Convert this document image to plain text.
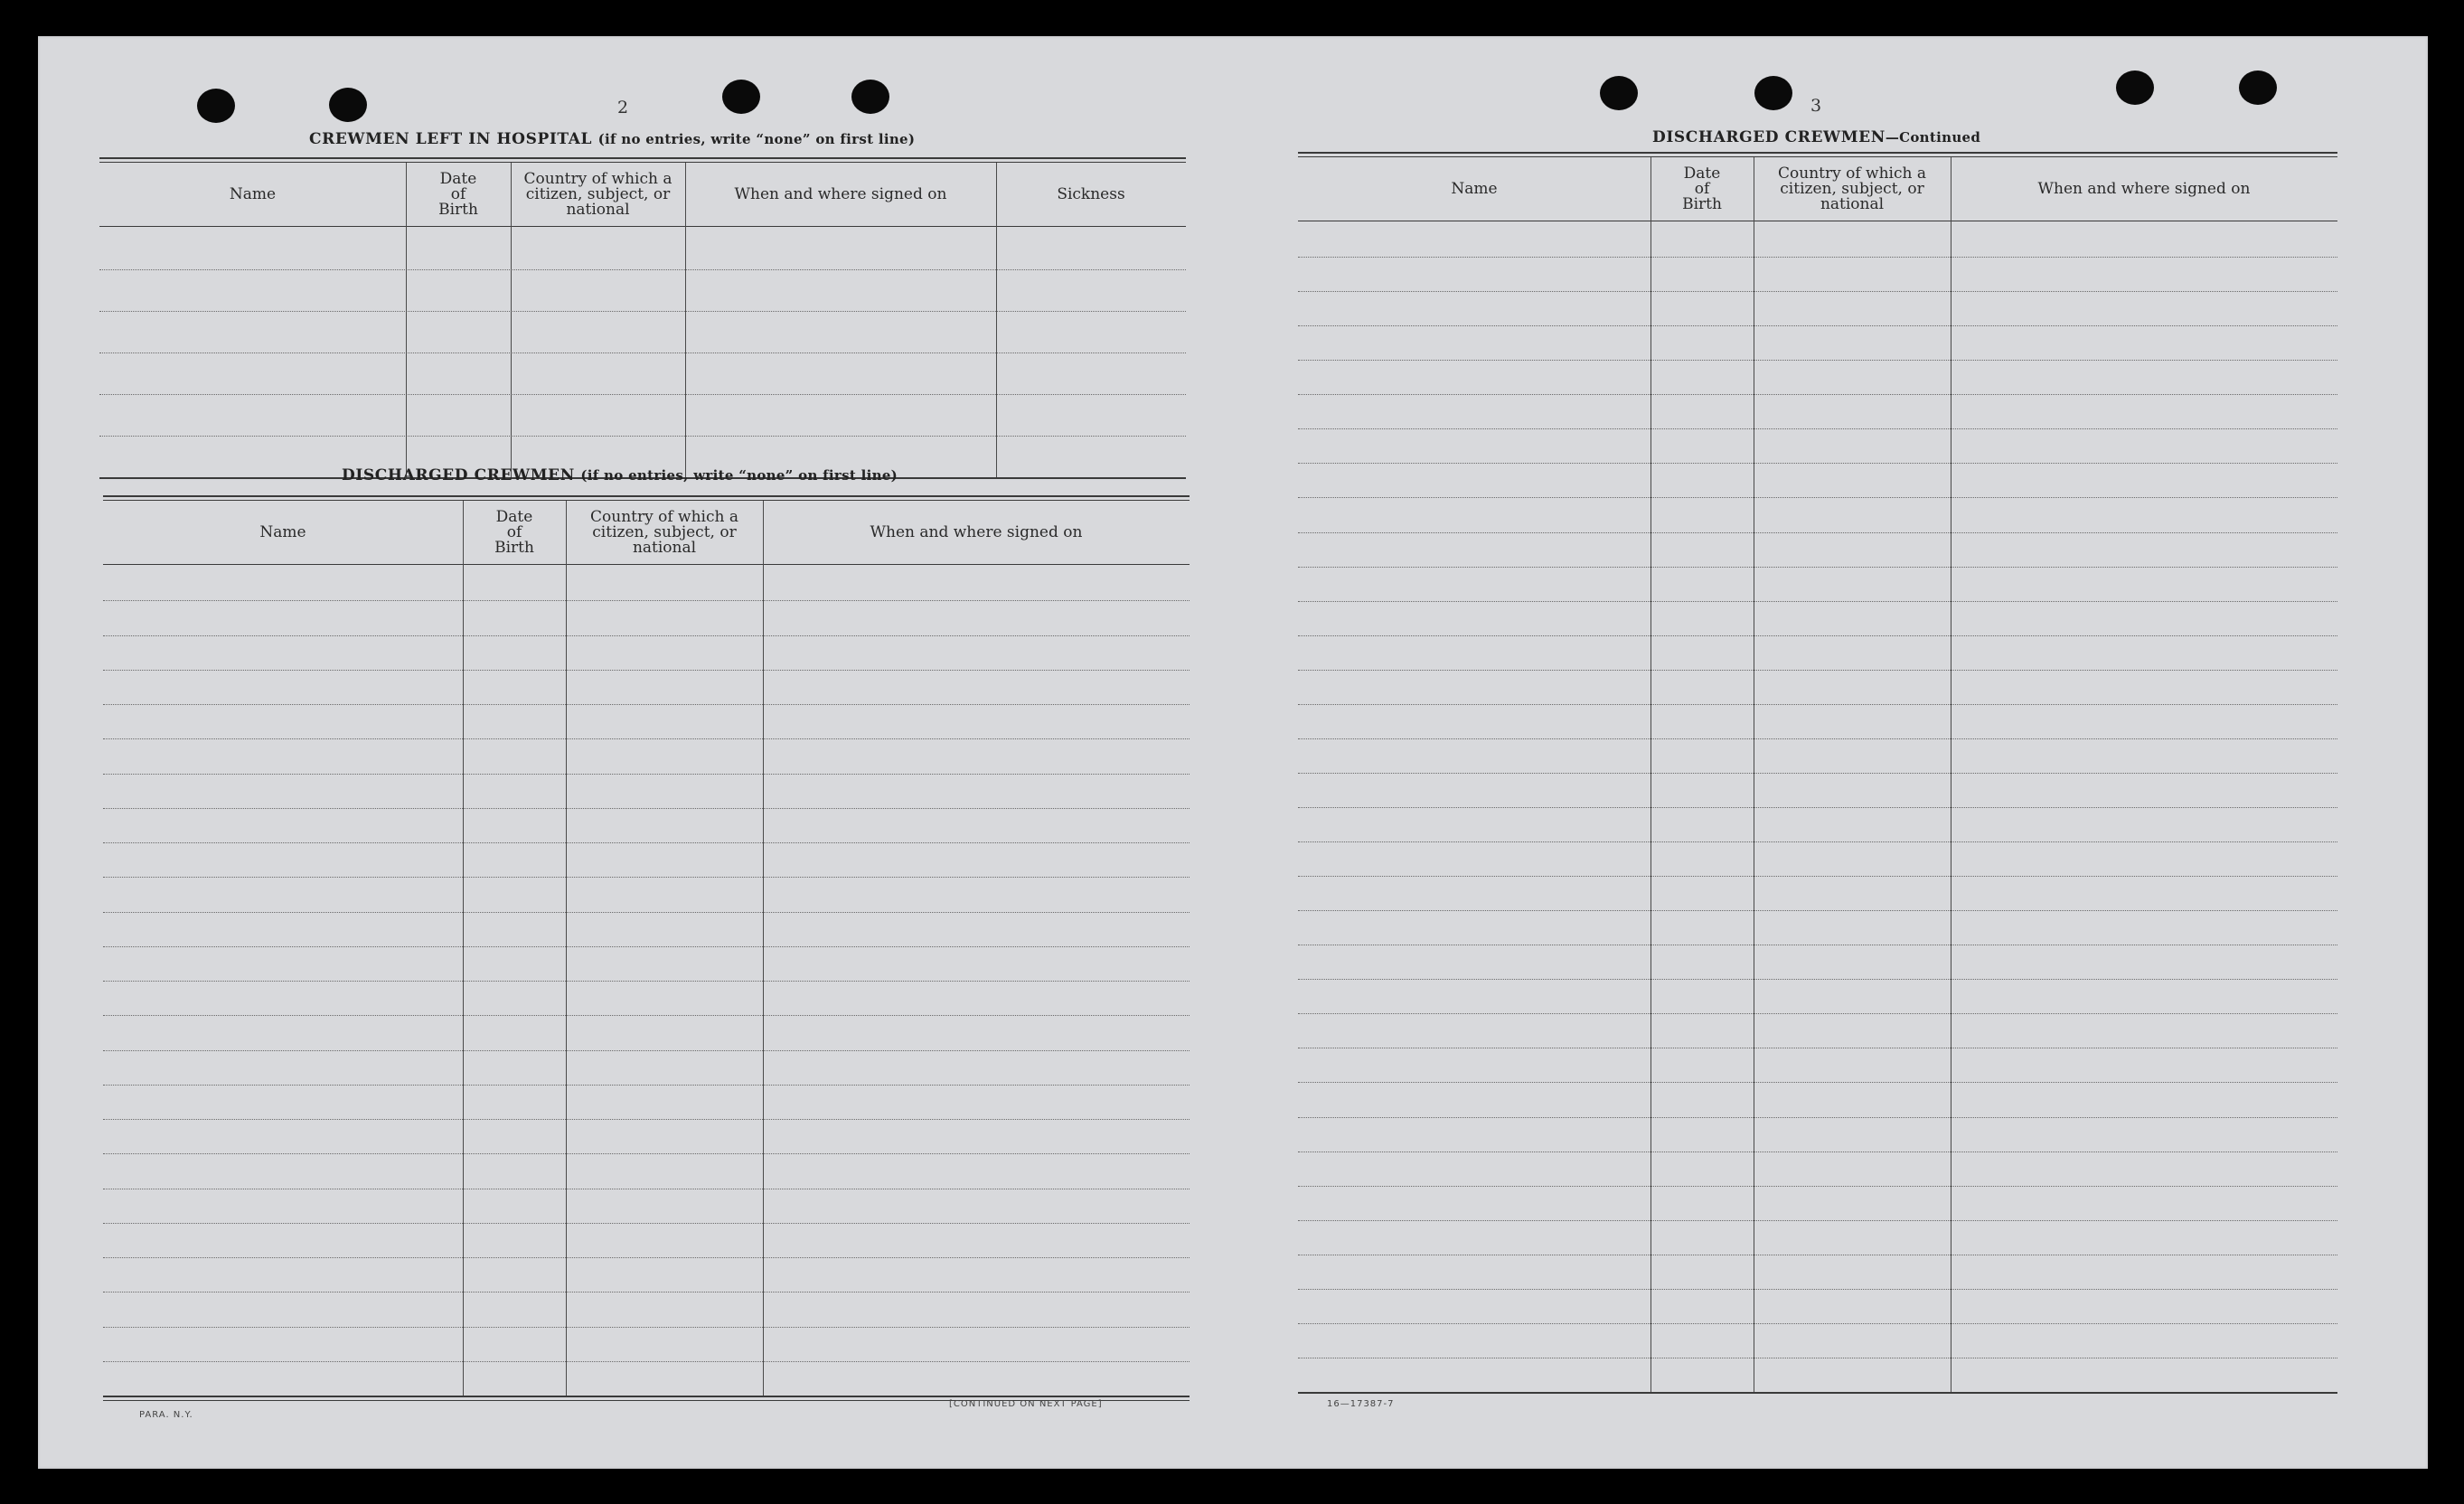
2
CREWMEN LEFT IN HOSPITAL (if no entries, write “none” on first line)
Name
Date
of
Birth
Country of which a
citizen, subject, or
national
When and where signed on	Sickness
DISCHARGED CREWMEN (if no entries, write “none” on first line)
Name
Date
of
Birth
Country of which a
citizen, subject, or
national
When and where signed on
PARA. N.Y.
[CONTINUED ON NEXT PAGE]
3
DISCHARGED CREWMEN—Continued
Name
Date
of
Birth
Country of which a
citizen, subject, or
national
When and where signed on
16—17387-7
